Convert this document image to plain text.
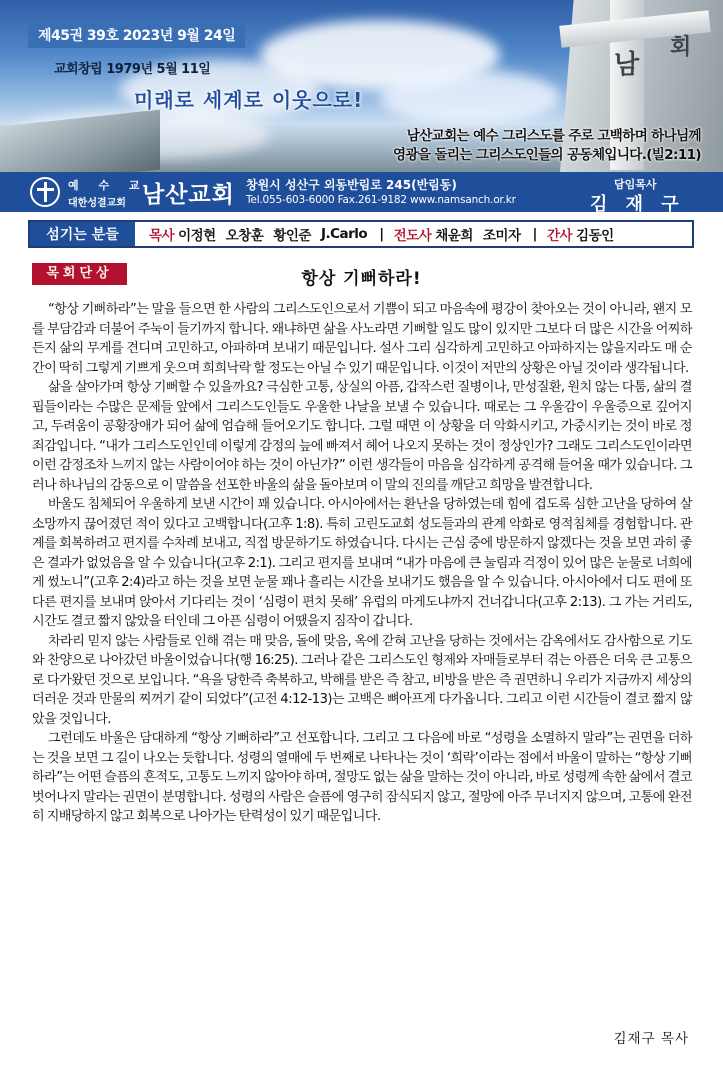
남
회
제45권 39호 2023년 9월 24일
교회창립 1979년 5월 11일
미래로 세계로 이웃으로!
남산교회는 예수 그리스도를 주로 고백하며 하나님께
영광을 돌리는 그리스도인들의 공동체입니다.(빌2:11)
예 수 교
대한성결교회 남산교회 창원시 성산구 외동반림로 245(반림동)
Tel.055-603-6000 Fax.261-9182 www.namsanch.or.kr
담임목사
김 재 구
섬기는 분들	목사 이정현 오창훈 황인준 J.Carlo | 전도사 채윤희 조미자 | 간사 김동인
목회단상	항상 기뻐하라!

“항상 기뻐하라”는 말을 들으면 한 사람의 그리스도인으로서 기쁨이 되고 마음속에 평강이 찾아오는 것이 아니라, 왠지 모를 부담감과 더불어 주눅이 들기까지 합니다. 왜냐하면 삶을 사노라면 기뻐할 일도 많이 있지만 그보다 더 많은 시간을 어찌하든지 삶의 무게를 견디며 고민하고, 아파하며 보내기 때문입니다. 설사 그리 심각하게 고민하고 아파하지는 않을지라도 매 순간이 딱히 그렇게 기쁘게 웃으며 희희낙락 할 정도는 아닐 수 있기 때문입니다. 이것이 저만의 상황은 아닐 것이라 생각됩니다.

삶을 살아가며 항상 기뻐할 수 있을까요? 극심한 고통, 상실의 아픔, 갑작스런 질병이나, 만성질환, 원치 않는 다툼, 삶의 결핍들이라는 수많은 문제들 앞에서 그리스도인들도 우울한 나날을 보낼 수 있습니다. 때로는 그 우울감이 우울증으로 깊어지고, 두려움이 공황장애가 되어 삶에 엄습해 들어오기도 합니다. 그럴 때면 이 상황을 더 악화시키고, 가중시키는 것이 바로 정죄감입니다. “내가 그리스도인인데 이렇게 감정의 늪에 빠져서 헤어 나오지 못하는 것이 정상인가? 그래도 그리스도인이라면 이런 감정조차 느끼지 않는 사람이어야 하는 것이 아닌가?” 이런 생각들이 마음을 심각하게 공격해 들어올 때가 있습니다. 그러나 하나님의 감동으로 이 말씀을 선포한 바울의 삶을 돌아보며 이 말의 진의를 깨닫고 희망을 발견합니다.

바울도 침체되어 우울하게 보낸 시간이 꽤 있습니다. 아시아에서는 환난을 당하였는데 힘에 겹도록 심한 고난을 당하여 살 소망까지 끊어졌던 적이 있다고 고백합니다(고후 1:8). 특히 고린도교회 성도들과의 관계 악화로 영적침체를 경험합니다. 관계를 회복하려고 편지를 수차례 보내고, 직접 방문하기도 하였습니다. 다시는 근심 중에 방문하지 않겠다는 것을 보면 과히 좋은 결과가 없었음을 알 수 있습니다(고후 2:1). 그리고 편지를 보내며 “내가 마음에 큰 눌림과 걱정이 있어 많은 눈물로 너희에게 썼노니”(고후 2:4)라고 하는 것을 보면 눈물 꽤나 흘리는 시간을 보내기도 했음을 알 수 있습니다. 아시아에서 디도 편에 또 다른 편지를 보내며 앉아서 기다리는 것이 ‘심령이 편치 못해’ 유럽의 마게도냐까지 건너갑니다(고후 2:13). 그 가는 거리도, 시간도 결코 짧지 않았을 터인데 그 아픈 심령이 어땠을지 짐작이 갑니다.

차라리 믿지 않는 사람들로 인해 겪는 매 맞음, 돌에 맞음, 옥에 갇혀 고난을 당하는 것에서는 감옥에서도 감사함으로 기도와 찬양으로 나아갔던 바울이었습니다(행 16:25). 그러나 같은 그리스도인 형제와 자매들로부터 겪는 아픔은 더욱 큰 고통으로 다가왔던 것으로 보입니다. “욕을 당한즉 축복하고, 박해를 받은 즉 참고, 비방을 받은 즉 권면하니 우리가 지금까지 세상의 더러운 것과 만물의 찌꺼기 같이 되었다”(고전 4:12-13)는 고백은 뼈아프게 다가옵니다. 그리고 이런 시간들이 결코 짧지 않았을 것입니다.

그런데도 바울은 담대하게 “항상 기뻐하라”고 선포합니다. 그리고 그 다음에 바로 “성령을 소멸하지 말라”는 권면을 더하는 것을 보면 그 길이 나오는 듯합니다. 성령의 열매에 두 번째로 나타나는 것이 ‘희락’이라는 점에서 바울이 말하는 “항상 기뻐하라”는 어떤 슬픔의 흔적도, 고통도 느끼지 않아야 하며, 절망도 없는 삶을 말하는 것이 아니라, 바로 성령께 속한 삶에서 결코 벗어나지 말라는 권면이 분명합니다. 성령의 사람은 슬픔에 영구히 잠식되지 않고, 절망에 아주 무너지지 않으며, 고통에 완전히 지배당하지 않고 회복으로 나아가는 탄력성이 있기 때문입니다.

김재구 목사
